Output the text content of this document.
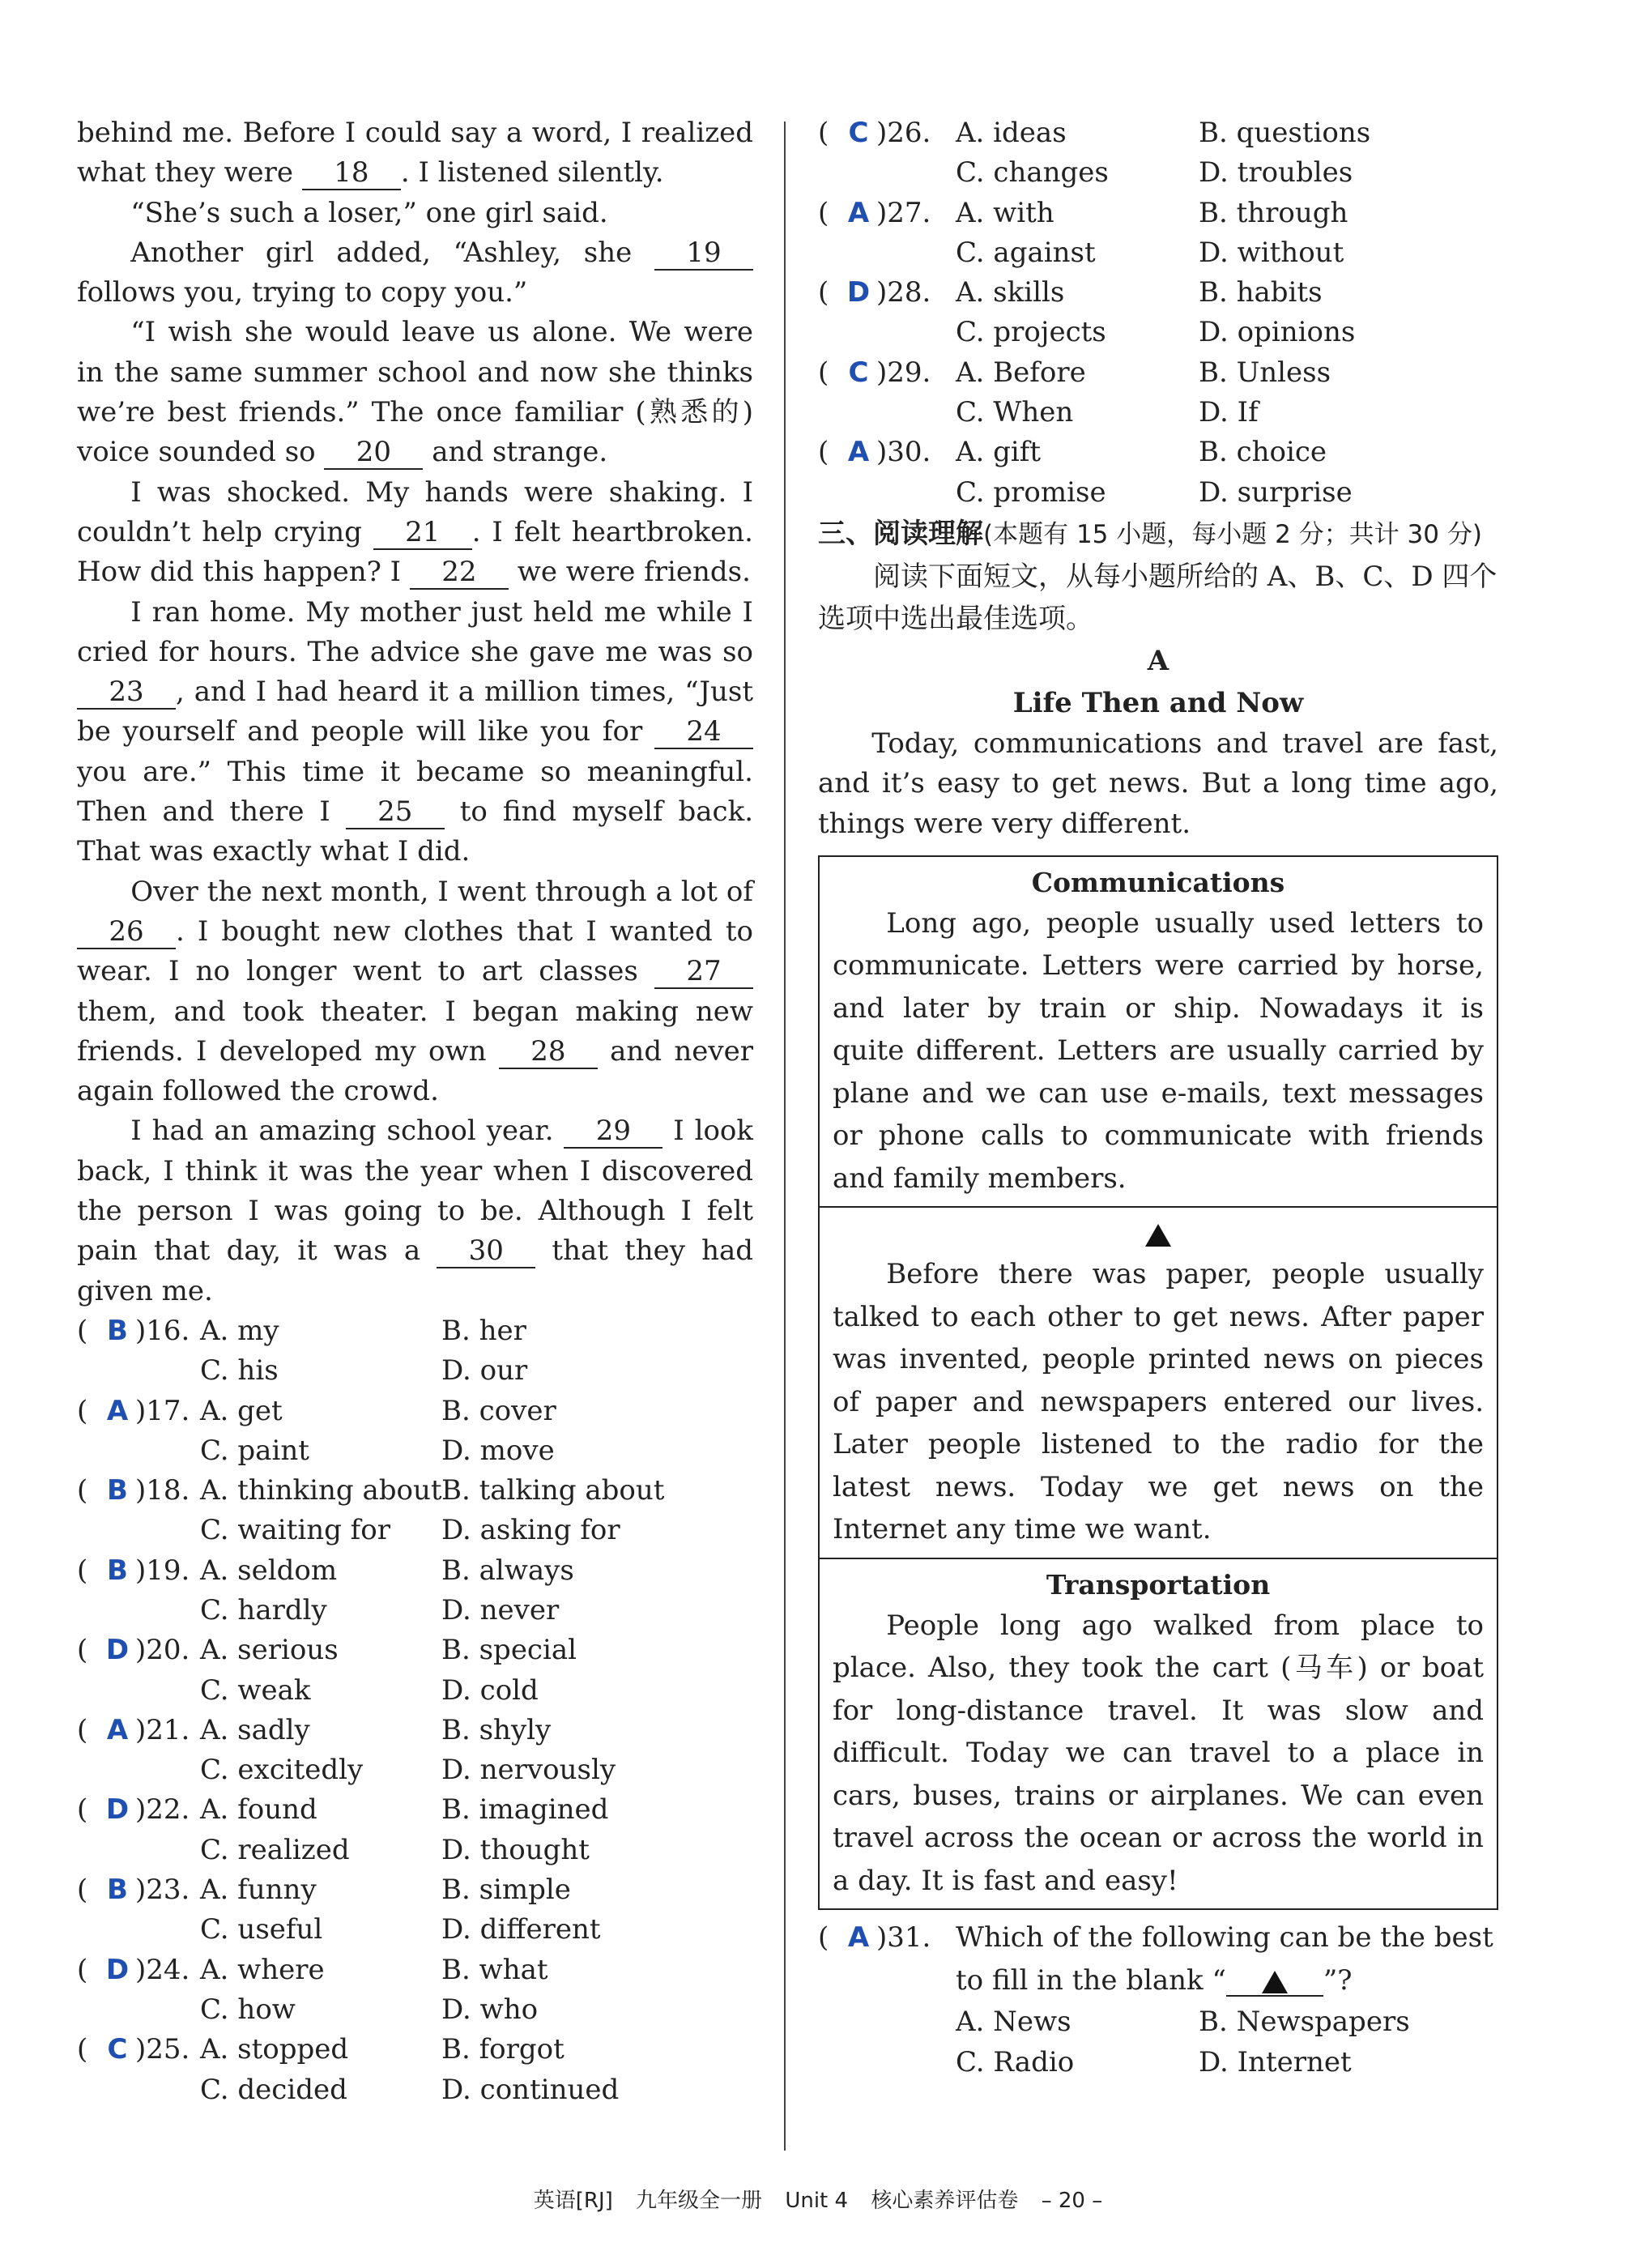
behind me. Before I could say a word, I realized what they were 18 . I listened silently.

“She’s such a loser,” one girl said.

Another girl added, “Ashley, she 19 follows you, trying to copy you.”

“I wish she would leave us alone. We were in the same summer school and now she thinks we’re best friends.” The once familiar (熟悉的) voice sounded so 20 and strange.

I was shocked. My hands were shaking. I couldn’t help crying 21 . I felt heartbroken. How did this happen? I 22 we were friends.

I ran home. My mother just held me while I cried for hours. The advice she gave me was so 23 , and I had heard it a million times, “Just be yourself and people will like you for 24 you are.” This time it became so meaningful. Then and there I 25 to find myself back. That was exactly what I did.

Over the next month, I went through a lot of 26 . I bought new clothes that I wanted to wear. I no longer went to art classes 27 them, and took theater. I began making new friends. I developed my own 28 and never again followed the crowd.

I had an amazing school year. 29 I look back, I think it was the year when I discovered the person I was going to be. Although I felt pain that day, it was a 30 that they had given me.

( B )16. A. my	B. her
C. his	D. our
( A )17. A. get	B. cover
C. paint	D. move
( B )18. A. thinking about B. talking about
C. waiting for	D. asking for
( B )19. A. seldom	B. always
C. hardly	D. never
( D )20. A. serious	B. special
C. weak	D. cold
( A )21. A. sadly	B. shyly
C. excitedly	D. nervously
( D )22. A. found	B. imagined
C. realized	D. thought
( B )23. A. funny	B. simple
C. useful	D. different
( D )24. A. where	B. what
C. how	D. who
( C )25. A. stopped	B. forgot
C. decided	D. continued
( C )26. A. ideas	B. questions
C. changes	D. troubles
( A )27. A. with	B. through
C. against	D. without
( D )28. A. skills	B. habits
C. projects	D. opinions
( C )29. A. Before	B. Unless
C. When	D. If
( A )30. A. gift	B. choice
C. promise	D. surprise
三、阅读理解(本题有 15 小题，每小题 2 分；共计 30 分)

阅读下面短文，从每小题所给的 A、B、C、D 四个选项中选出最佳选项。

A
Life Then and Now

Today, communications and travel are fast, and it’s easy to get news. But a long time ago, things were very different.

Communications

Long ago, people usually used letters to communicate. Letters were carried by horse, and later by train or ship. Nowadays it is quite different. Letters are usually carried by plane and we can use e-mails, text messages or phone calls to communicate with friends and family members.

Before there was paper, people usually talked to each other to get news. After paper was invented, people printed news on pieces of paper and newspapers entered our lives. Later people listened to the radio for the latest news. Today we get news on the Internet any time we want.

Transportation

People long ago walked from place to place. Also, they took the cart (马车) or boat for long-distance travel. It was slow and difficult. Today we can travel to a place in cars, buses, trains or airplanes. We can even travel across the ocean or across the world in a day. It is fast and easy!

( A )31. Which of the following can be the best to fill in the blank “	”?
A. News	B. Newspapers
C. Radio	D. Internet
英语[RJ] 九年级全一册 Unit 4 核心素养评估卷 – 20 –
